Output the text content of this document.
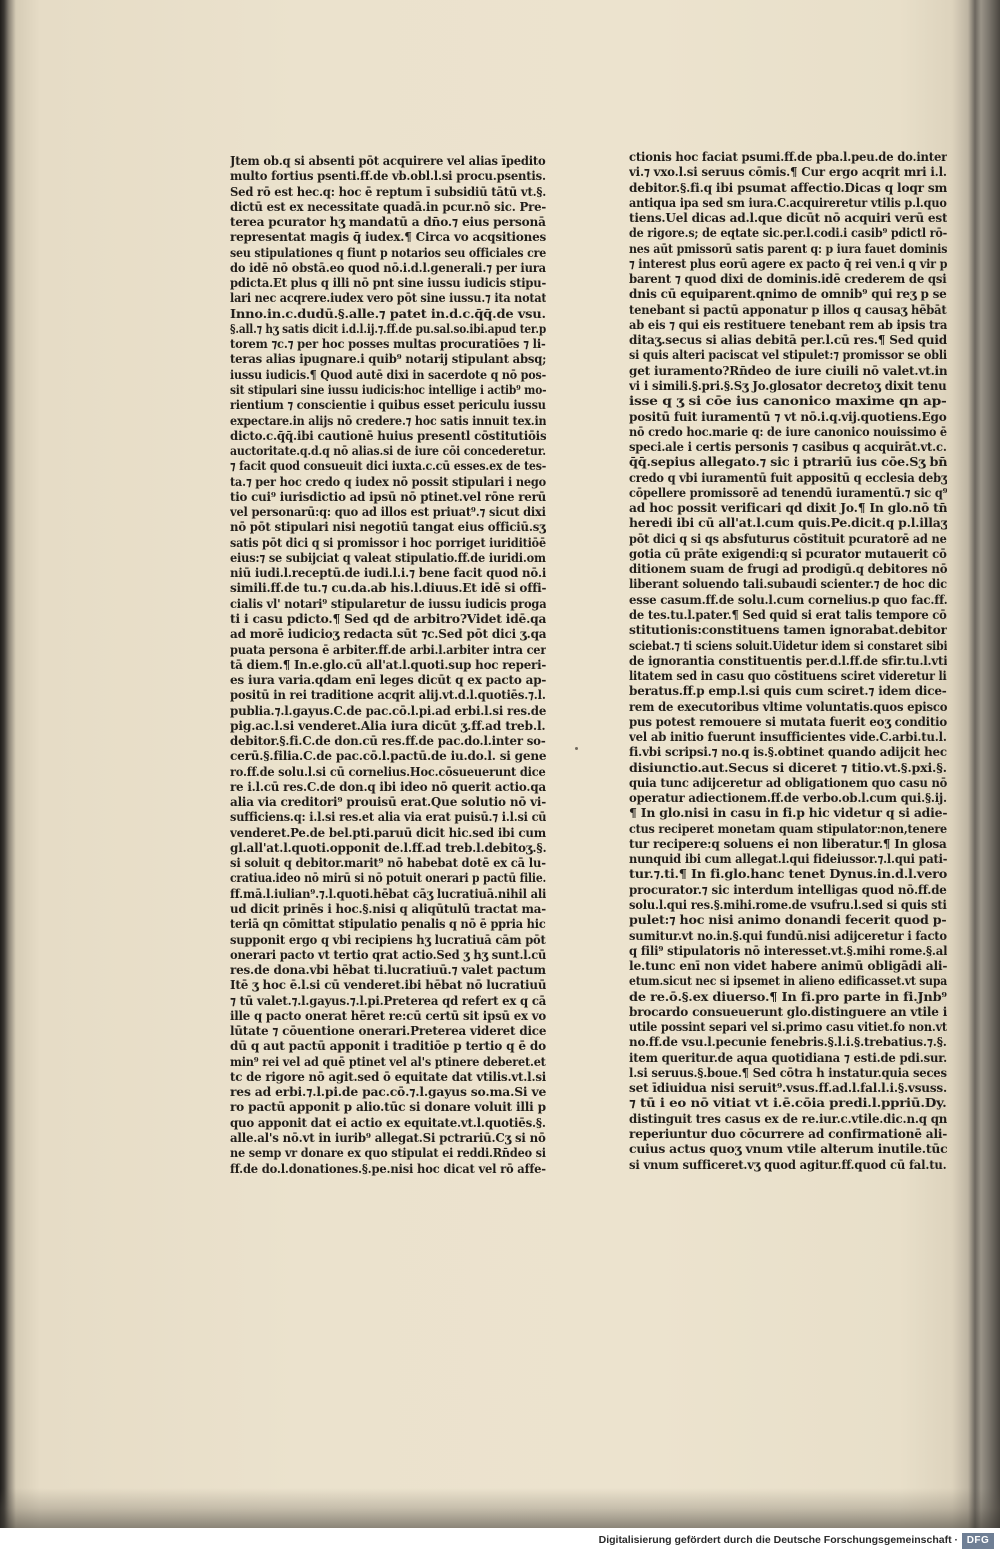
Jtem ob.q si absenti pōt acquirere vel alias īpedito
multo fortius psenti.ff.de vb.obl.l.si procu.psentis.
Sed rō est hec.q: hoc ē reptum ī subsidiū tātū vt.§.
dictū est ex necessitate quadā.in pcur.nō sic. Pre-
terea pcurator hʒ mandatū a dn̄o.⁊ eius personā
representat magis q̄ iudex.¶ Circa vo acqsitiones
seu stipulationes q fiunt p notarios seu officiales cre
do idē nō obstā.eo quod nō.i.d.l.generali.⁊ per iura
pdicta.Et plus q illi nō pnt sine iussu iudicis stipu-
lari nec acqrere.iudex vero pōt sine iussu.⁊ ita notat
Inno.in.c.dudū.§.alle.⁊ patet in.d.c.q̄q̄.de vsu.
§.all.⁊ hʒ satis dicit i.d.l.ij.⁊.ff.de pu.sal.so.ibi.apud ter.p
torem ⁊c.⁊ per hoc posses multas procuratiōes ⁊ li-
teras alias ipugnare.i quib⁹ notarij stipulant absq;
iussu iudicis.¶ Quod autē dixi in sacerdote q nō pos-
sit stipulari sine iussu iudicis:hoc intellige i actib⁹ mo-
rientium ⁊ conscientie i quibus esset periculu iussu
expectare.in alijs nō credere.⁊ hoc satis innuit tex.in
dicto.c.q̄q̄.ibi cautionē huius presentl cōstitutiōis
auctoritate.q.d.q nō alias.si de iure cōi concederetur.
⁊ facit quod consueuit dici iuxta.c.cū esses.ex de tes-
ta.⁊ per hoc credo q iudex nō possit stipulari i nego
tio cui⁹ iurisdictio ad ipsū nō ptinet.vel rōne rerū
vel personarū:q: quo ad illos est priuat⁹.⁊ sicut dixi
nō pōt stipulari nisi negotiū tangat eius officiū.sʒ
satis pōt dici q si promissor i hoc porriget iuriditiōē
eius:⁊ se subijciat q valeat stipulatio.ff.de iuridi.om
niū iudi.l.receptū.de iudi.l.i.⁊ bene facit quod nō.i
simili.ff.de tu.⁊ cu.da.ab his.l.diuus.Et idē si offi-
cialis vl' notari⁹ stipularetur de iussu iudicis proga
ti i casu pdicto.¶ Sed qd de arbitro?Videt idē.qa
ad morē iudicioʒ redacta sūt ⁊c.Sed pōt dici ʒ.qa
puata persona ē arbiter.ff.de arbi.l.arbiter intra cer
tā diem.¶ In.e.glo.cū all'at.l.quoti.sup hoc reperi-
es iura varia.qdam enī leges dicūt q ex pacto ap-
positū in rei traditione acqrit alij.vt.d.l.quotiēs.⁊.l.
publia.⁊.l.gayus.C.de pac.cō.l.pi.ad erbi.l.si res.de
pig.ac.l.si venderet.Alia iura dicūt ʒ.ff.ad treb.l.
debitor.§.fi.C.de don.cū res.ff.de pac.do.l.inter so-
cerū.§.filia.C.de pac.cō.l.pactū.de iu.do.l. si gene
ro.ff.de solu.l.si cū cornelius.Hoc.cōsueuerunt dice
re i.l.cū res.C.de don.q ibi ideo nō querit actio.qa
alia via creditori⁹ prouisū erat.Que solutio nō vi-
sufficiens.q: i.l.si res.et alia via erat puisū.⁊ i.l.si cū
venderet.Pe.de bel.pti.paruū dicit hic.sed ibi cum
gl.all'at.l.quoti.opponit de.l.ff.ad treb.l.debitoʒ.§.
si soluit q debitor.marit⁹ nō habebat dotē ex cā lu-
cratiua.ideo nō mirū si nō potuit onerari p pactū filie.
ff.mā.l.iulian⁹.⁊.l.quoti.hēbat cāʒ lucratiuā.nihil ali
ud dicit prinēs i hoc.§.nisi q aliqūtulū tractat ma-
teriā qn cōmittat stipulatio penalis q nō ē ppria hic
supponit ergo q vbi recipiens hʒ lucratiuā cām pōt
onerari pacto vt tertio qrat actio.Sed ʒ hʒ sunt.l.cū
res.de dona.vbi hēbat ti.lucratiuū.⁊ valet pactum
Itē ʒ hoc ē.l.si cū venderet.ibi hēbat nō lucratiuū
⁊ tū valet.⁊.l.gayus.⁊.l.pi.Preterea qd refert ex q cā
ille q pacto onerat hēret re:cū certū sit ipsū ex vo
lūtate ⁊ cōuentione onerari.Preterea videret dice
dū q aut pactū apponit i traditiōe p tertio q ē do
min⁹ rei vel ad quē ptinet vel al's ptinere deberet.et
tc de rigore nō agit.sed ō equitate dat vtilis.vt.l.si
res ad erbi.⁊.l.pi.de pac.cō.⁊.l.gayus so.ma.Si ve
ro pactū apponit p alio.tūc si donare voluit illi p
quo apponit dat ei actio ex equitate.vt.l.quotiēs.§.
alle.al's nō.vt in iurib⁹ allegat.Si pctrariū.Cʒ si nō
ne semp vr donare ex quo stipulat ei reddi.Rn̄deo si
ff.de do.l.donationes.§.pe.nisi hoc dicat vel rō affe-
ctionis hoc faciat psumi.ff.de pba.l.peu.de do.inter
vi.⁊ vxo.l.si seruus cōmis.¶ Cur ergo acqrit mri i.l.
debitor.§.fi.q ibi psumat affectio.Dicas q loqr sm
antiqua ipa sed sm iura.C.acquireretur vtilis p.l.quo
tiens.Uel dicas ad.l.que dicūt nō acquiri verū est
de rigore.s; de eqtate sic.per.l.codi.i casib⁹ pdictl rō-
nes aūt pmissorū satis parent q: p iura fauet dominis
⁊ interest plus eorū agere ex pacto q̄ rei ven.i q vir p
barent ⁊ quod dixi de dominis.idē crederem de qsi
dnis cū equiparent.qnimo de omnib⁹ qui reʒ p se
tenebant si pactū apponatur p illos q causaʒ hēbāt
ab eis ⁊ qui eis restituere tenebant rem ab ipsis tra
ditaʒ.secus si alias debitā per.l.cū res.¶ Sed quid
si quis alteri paciscat vel stipulet:⁊ promissor se obli
get iuramento?Rn̄deo de iure ciuili nō valet.vt.in
vi i simili.§.pri.§.Sʒ Jo.glosator decretoʒ dixit tenu
isse q ʒ si cōe ius canonico maxime qn ap-
positū fuit iuramentū ⁊ vt nō.i.q.vij.quotiens.Ego
nō credo hoc.marie q: de iure canonico nouissimo ē
speci.ale i certis personis ⁊ casibus q acquirāt.vt.c.
q̄q̄.sepius allegato.⁊ sic i ptrariū ius cōe.Sʒ bn̄
credo q vbi iuramentū fuit appositū q ecclesia debʒ
cōpellere promissorē ad tenendū iuramentū.⁊ sic q⁹
ad hoc possit verificari qd dixit Jo.¶ In glo.nō tn̄
heredi ibi cū all'at.l.cum quis.Pe.dicit.q p.l.illaʒ
pōt dici q si qs absfuturus cōstituit pcuratorē ad ne
gotia cū prāte exigendi:q si pcurator mutauerit cō
ditionem suam de frugi ad prodigū.q debitores nō
liberant soluendo tali.subaudi scienter.⁊ de hoc dic
esse casum.ff.de solu.l.cum cornelius.p quo fac.ff.
de tes.tu.l.pater.¶ Sed quid si erat talis tempore cō
stitutionis:constituens tamen ignorabat.debitor
sciebat.⁊ ti sciens soluit.Uidetur idem si constaret sibi
de ignorantia constituentis per.d.l.ff.de sfir.tu.l.vti
litatem sed in casu quo cōstituens sciret videretur li
beratus.ff.p emp.l.si quis cum sciret.⁊ idem dice-
rem de executoribus vltime voluntatis.quos episco
pus potest remouere si mutata fuerit eoʒ conditio
vel ab initio fuerunt insufficientes vide.C.arbi.tu.l.
fi.vbi scripsi.⁊ no.q is.§.obtinet quando adijcit hec
disiunctio.aut.Secus si diceret ⁊ titio.vt.§.pxi.§.
quia tunc adijceretur ad obligationem quo casu nō
operatur adiectionem.ff.de verbo.ob.l.cum qui.§.ij.
¶ In glo.nisi in casu in fi.p hic videtur q si adie-
ctus reciperet monetam quam stipulator:non,tenere
tur recipere:q soluens ei non liberatur.¶ In glosa
nunquid ibi cum allegat.l.qui fideiussor.⁊.l.qui pati-
tur.⁊.ti.¶ In fi.glo.hanc tenet Dynus.in.d.l.vero
procurator.⁊ sic interdum intelligas quod nō.ff.de
solu.l.qui res.§.mihi.rome.de vsufru.l.sed si quis sti
pulet:⁊ hoc nisi animo donandi fecerit quod p-
sumitur.vt no.in.§.qui fundū.nisi adijceretur i facto
q fili⁹ stipulatoris nō interesset.vt.§.mihi rome.§.al
le.tunc enī non videt habere animū obligādi ali-
etum.sicut nec si ipsemet in alieno edificasset.vt supa
de re.ō.§.ex diuerso.¶ In fi.pro parte in fi.Jnb⁹
brocardo consueuerunt glo.distinguere an vtile i
utile possint separi vel si.primo casu vitiet.fo non.vt
no.ff.de vsu.l.pecunie fenebris.§.l.i.§.trebatius.⁊.§.
item queritur.de aqua quotidiana ⁊ esti.de pdi.sur.
l.si seruus.§.boue.¶ Sed cōtra h instatur.quia seces
set īdiuidua nisi seruit⁹.vsus.ff.ad.l.fal.l.i.§.vsuss.
⁊ tū i eo nō vitiat vt i.ē.cōia predi.l.ppriū.Dy.
distinguit tres casus ex de re.iur.c.vtile.dic.n.q qn
reperiuntur duo cōcurrere ad confirmationē ali-
cuius actus quoʒ vnum vtile alterum inutile.tūc
si vnum sufficeret.vʒ quod agitur.ff.quod cū fal.tu.
Digitalisierung gefördert durch die Deutsche Forschungsgemeinschaft · DFG
